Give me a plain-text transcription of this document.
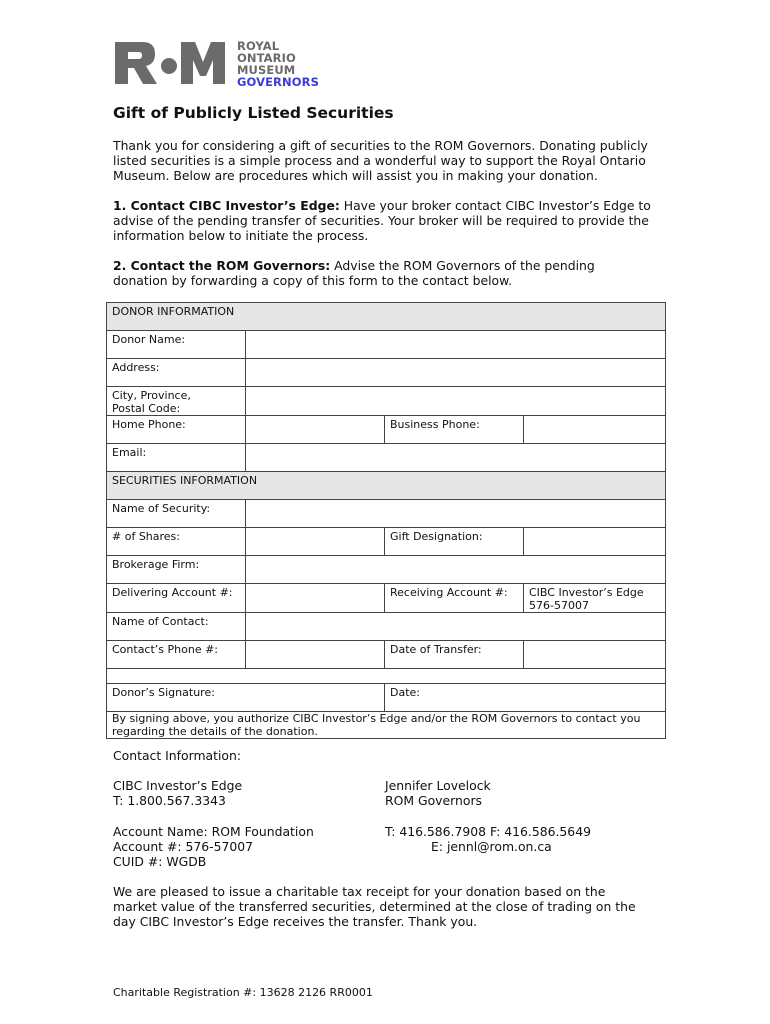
ROYAL
ONTARIO
MUSEUM
GOVERNORS
Gift of Publicly Listed Securities

Thank you for considering a gift of securities to the ROM Governors. Donating publicly listed securities is a simple process and a wonderful way to support the Royal Ontario Museum. Below are procedures which will assist you in making your donation.

1. Contact CIBC Investor’s Edge: Have your broker contact CIBC Investor’s Edge to advise of the pending transfer of securities. Your broker will be required to provide the information below to initiate the process.

2. Contact the ROM Governors: Advise the ROM Governors of the pending donation by forwarding a copy of this form to the contact below.

DONOR INFORMATION			
Donor Name:			
Address:			
City, Province,
Postal Code:			
Home Phone:		Business Phone:	
Email:			
SECURITIES INFORMATION			
Name of Security:			
# of Shares:		Gift Designation:	
Brokerage Firm:			
Delivering Account #:		Receiving Account #:	CIBC Investor’s Edge
576-57007
Name of Contact:			
Contact’s Phone #:		Date of Transfer:	

Donor’s Signature:		Date:	
By signing above, you authorize CIBC Investor’s Edge and/or the ROM Governors to contact you regarding the details of the donation.			
Contact Information:
CIBC Investor’s Edge
T: 1.800.567.3343
Account Name: ROM Foundation
Account #: 576-57007
CUID #: WGDB
Jennifer Lovelock
ROM Governors
T: 416.586.7908 F: 416.586.5649
E: jennl@rom.on.ca

We are pleased to issue a charitable tax receipt for your donation based on the market value of the transferred securities, determined at the close of trading on the day CIBC Investor’s Edge receives the transfer. Thank you.

Charitable Registration #: 13628 2126 RR0001
